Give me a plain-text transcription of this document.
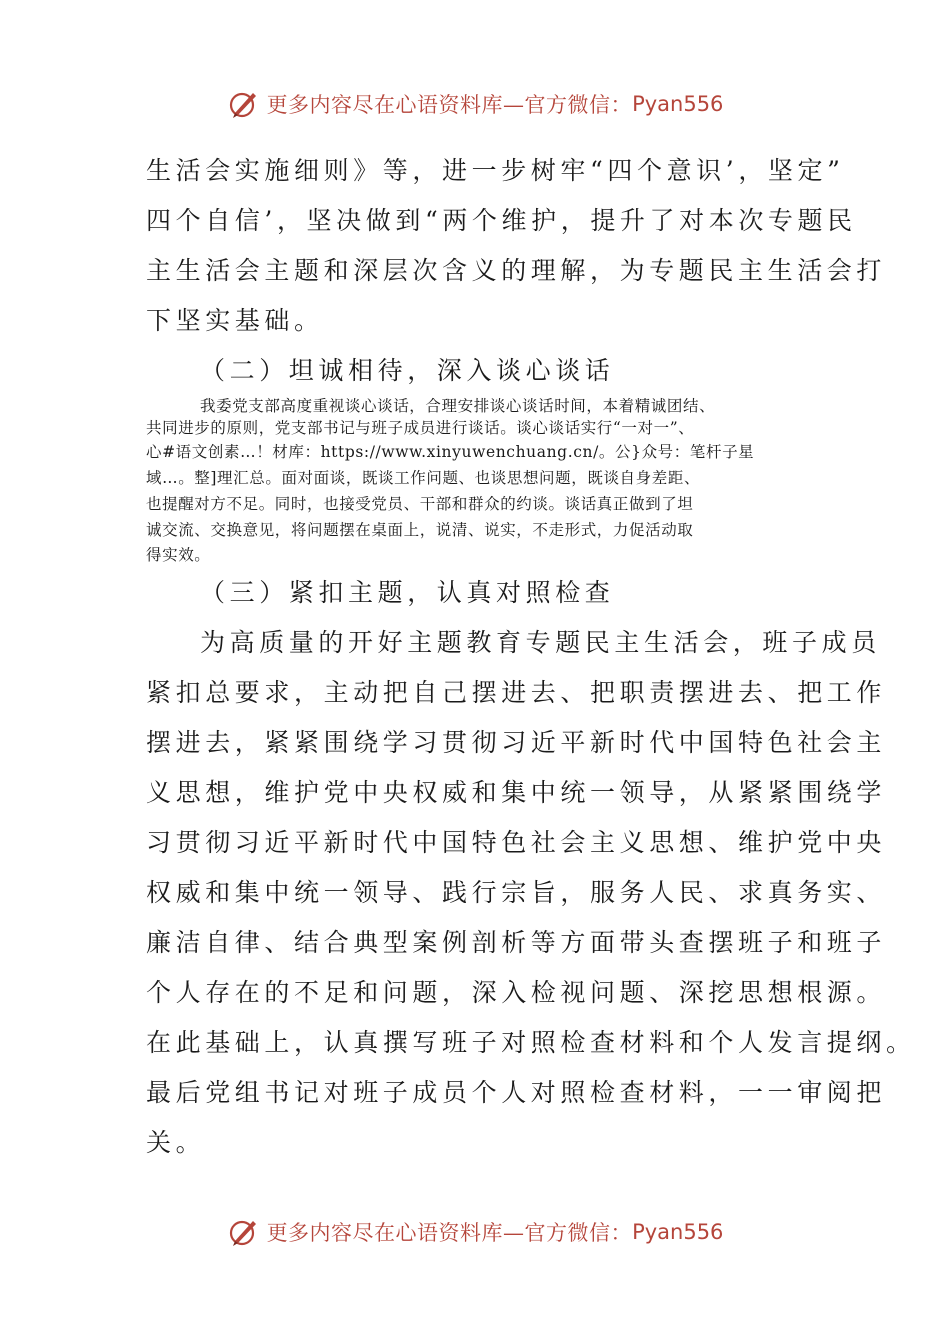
更多内容尽在心语资料库—官方微信： Pyan556
生活会实施细则》等，进一步树牢“四个意识’，坚定”
四个自信’，坚决做到“两个维护，提升了对本次专题民
主生活会主题和深层次含义的理解，为专题民主生活会打
下坚实基础。
（二）坦诚相待，深入谈心谈话
我委党支部高度重视谈心谈话，合理安排谈心谈话时间，本着精诚团结、
共同进步的原则，党支部书记与班子成员进行谈话。谈心谈话实行“一对一”、
心#语文创素…！材库：https://www.xinyuwenchuang.cn/。公}众号：笔杆子星
域…。整]理汇总。面对面谈，既谈工作问题、也谈思想问题，既谈自身差距、
也提醒对方不足。同时，也接受党员、干部和群众的约谈。谈话真正做到了坦
诚交流、交换意见，将问题摆在桌面上，说清、说实，不走形式，力促活动取
得实效。
（三）紧扣主题，认真对照检查
为高质量的开好主题教育专题民主生活会，班子成员
紧扣总要求，主动把自己摆进去、把职责摆进去、把工作
摆进去，紧紧围绕学习贯彻习近平新时代中国特色社会主
义思想，维护党中央权威和集中统一领导，从紧紧围绕学
习贯彻习近平新时代中国特色社会主义思想、维护党中央
权威和集中统一领导、践行宗旨，服务人民、求真务实、
廉洁自律、结合典型案例剖析等方面带头查摆班子和班子
个人存在的不足和问题，深入检视问题、深挖思想根源。
在此基础上，认真撰写班子对照检查材料和个人发言提纲。
最后党组书记对班子成员个人对照检查材料，一一审阅把
关。
更多内容尽在心语资料库—官方微信： Pyan556
